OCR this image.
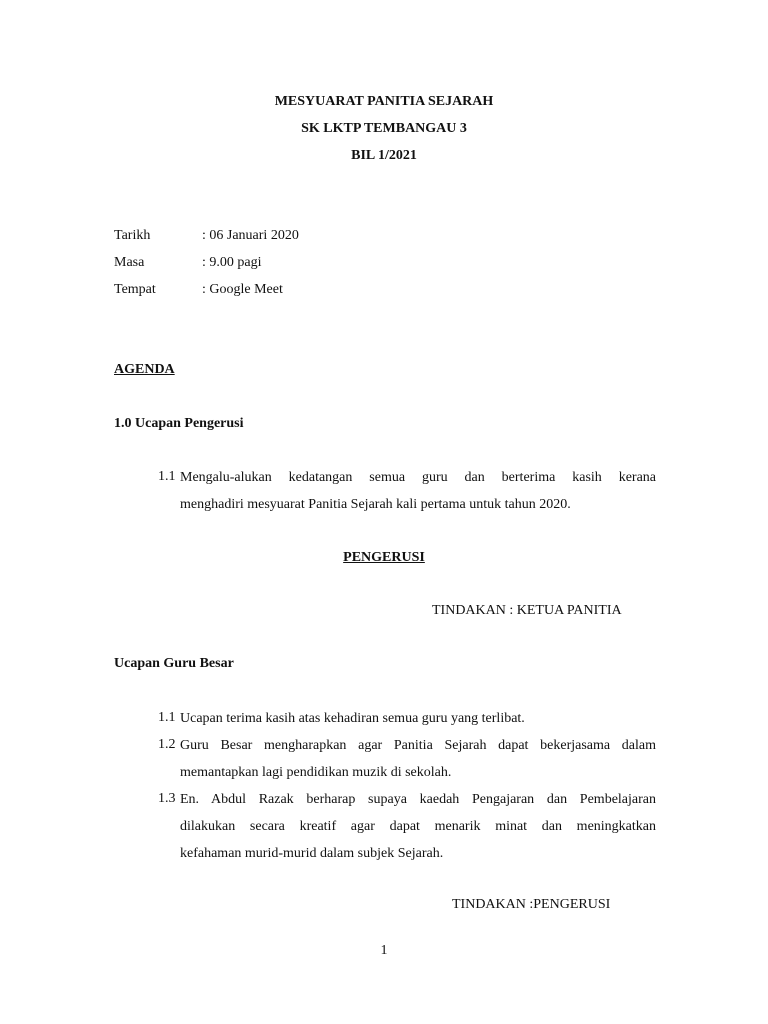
MESYUARAT PANITIA SEJARAH
SK LKTP TEMBANGAU 3
BIL 1/2021
Tarikh	: 06 Januari 2020
Masa	: 9.00 pagi
Tempat	: Google Meet
AGENDA
1.0 Ucapan Pengerusi
1.1 Mengalu-alukan kedatangan semua guru dan berterima kasih kerana
menghadiri mesyuarat Panitia Sejarah kali pertama untuk tahun 2020.
PENGERUSI
TINDAKAN : KETUA PANITIA
Ucapan Guru Besar
1.1 Ucapan terima kasih atas kehadiran semua guru yang terlibat.
1.2 Guru Besar mengharapkan agar Panitia Sejarah dapat bekerjasama dalam
memantapkan lagi pendidikan muzik di sekolah.
1.3 En. Abdul Razak berharap supaya kaedah Pengajaran dan Pembelajaran
dilakukan secara kreatif agar dapat menarik minat dan meningkatkan
kefahaman murid-murid dalam subjek Sejarah.
TINDAKAN :PENGERUSI
1
